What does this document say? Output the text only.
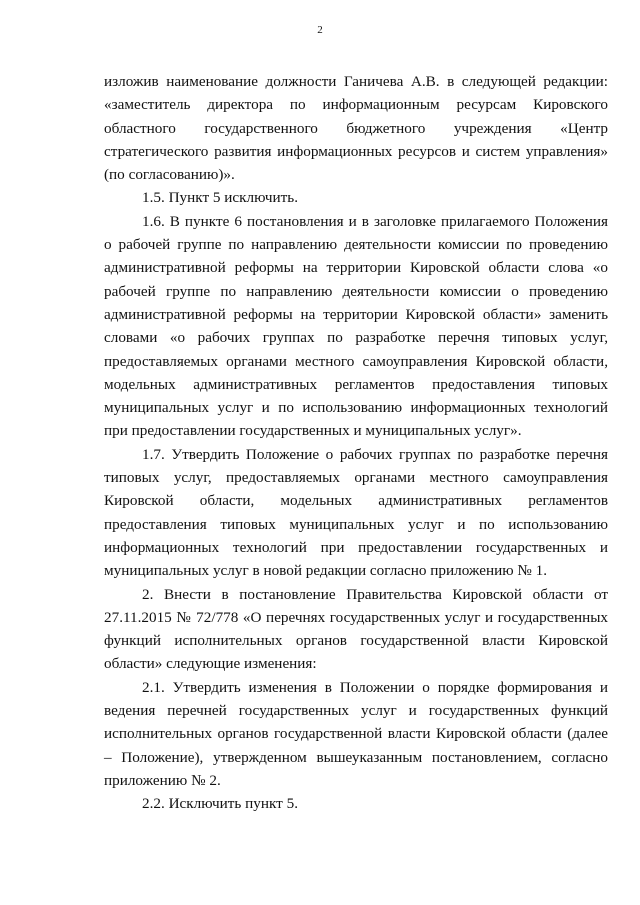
2

изложив наименование должности Ганичева А.В. в следующей редакции: «заместитель директора по информационным ресурсам Кировского областного государственного бюджетного учреждения «Центр стратегического развития информационных ресурсов и систем управления» (по согласованию)».

1.5. Пункт 5 исключить.

1.6. В пункте 6 постановления и в заголовке прилагаемого Положения о рабочей группе по направлению деятельности комиссии по проведению административной реформы на территории Кировской области слова «о рабочей группе по направлению деятельности комиссии о проведению административной реформы на территории Кировской области» заменить словами «о рабочих группах по разработке перечня типовых услуг, предоставляемых органами местного самоуправления Кировской области, модельных административных регламентов предоставления типовых муниципальных услуг и по использованию информационных технологий при предоставлении государственных и муниципальных услуг».

1.7. Утвердить Положение о рабочих группах по разработке перечня типовых услуг, предоставляемых органами местного самоуправления Кировской области, модельных административных регламентов предоставления типовых муниципальных услуг и по использованию информационных технологий при предоставлении государственных и муниципальных услуг в новой редакции согласно приложению № 1.

2. Внести в постановление Правительства Кировской области от 27.11.2015 № 72/778 «О перечнях государственных услуг и государственных функций исполнительных органов государственной власти Кировской области» следующие изменения:

2.1. Утвердить изменения в Положении о порядке формирования и ведения перечней государственных услуг и государственных функций исполнительных органов государственной власти Кировской области (далее – Положение), утвержденном вышеуказанным постановлением, согласно приложению № 2.

2.2. Исключить пункт 5.
